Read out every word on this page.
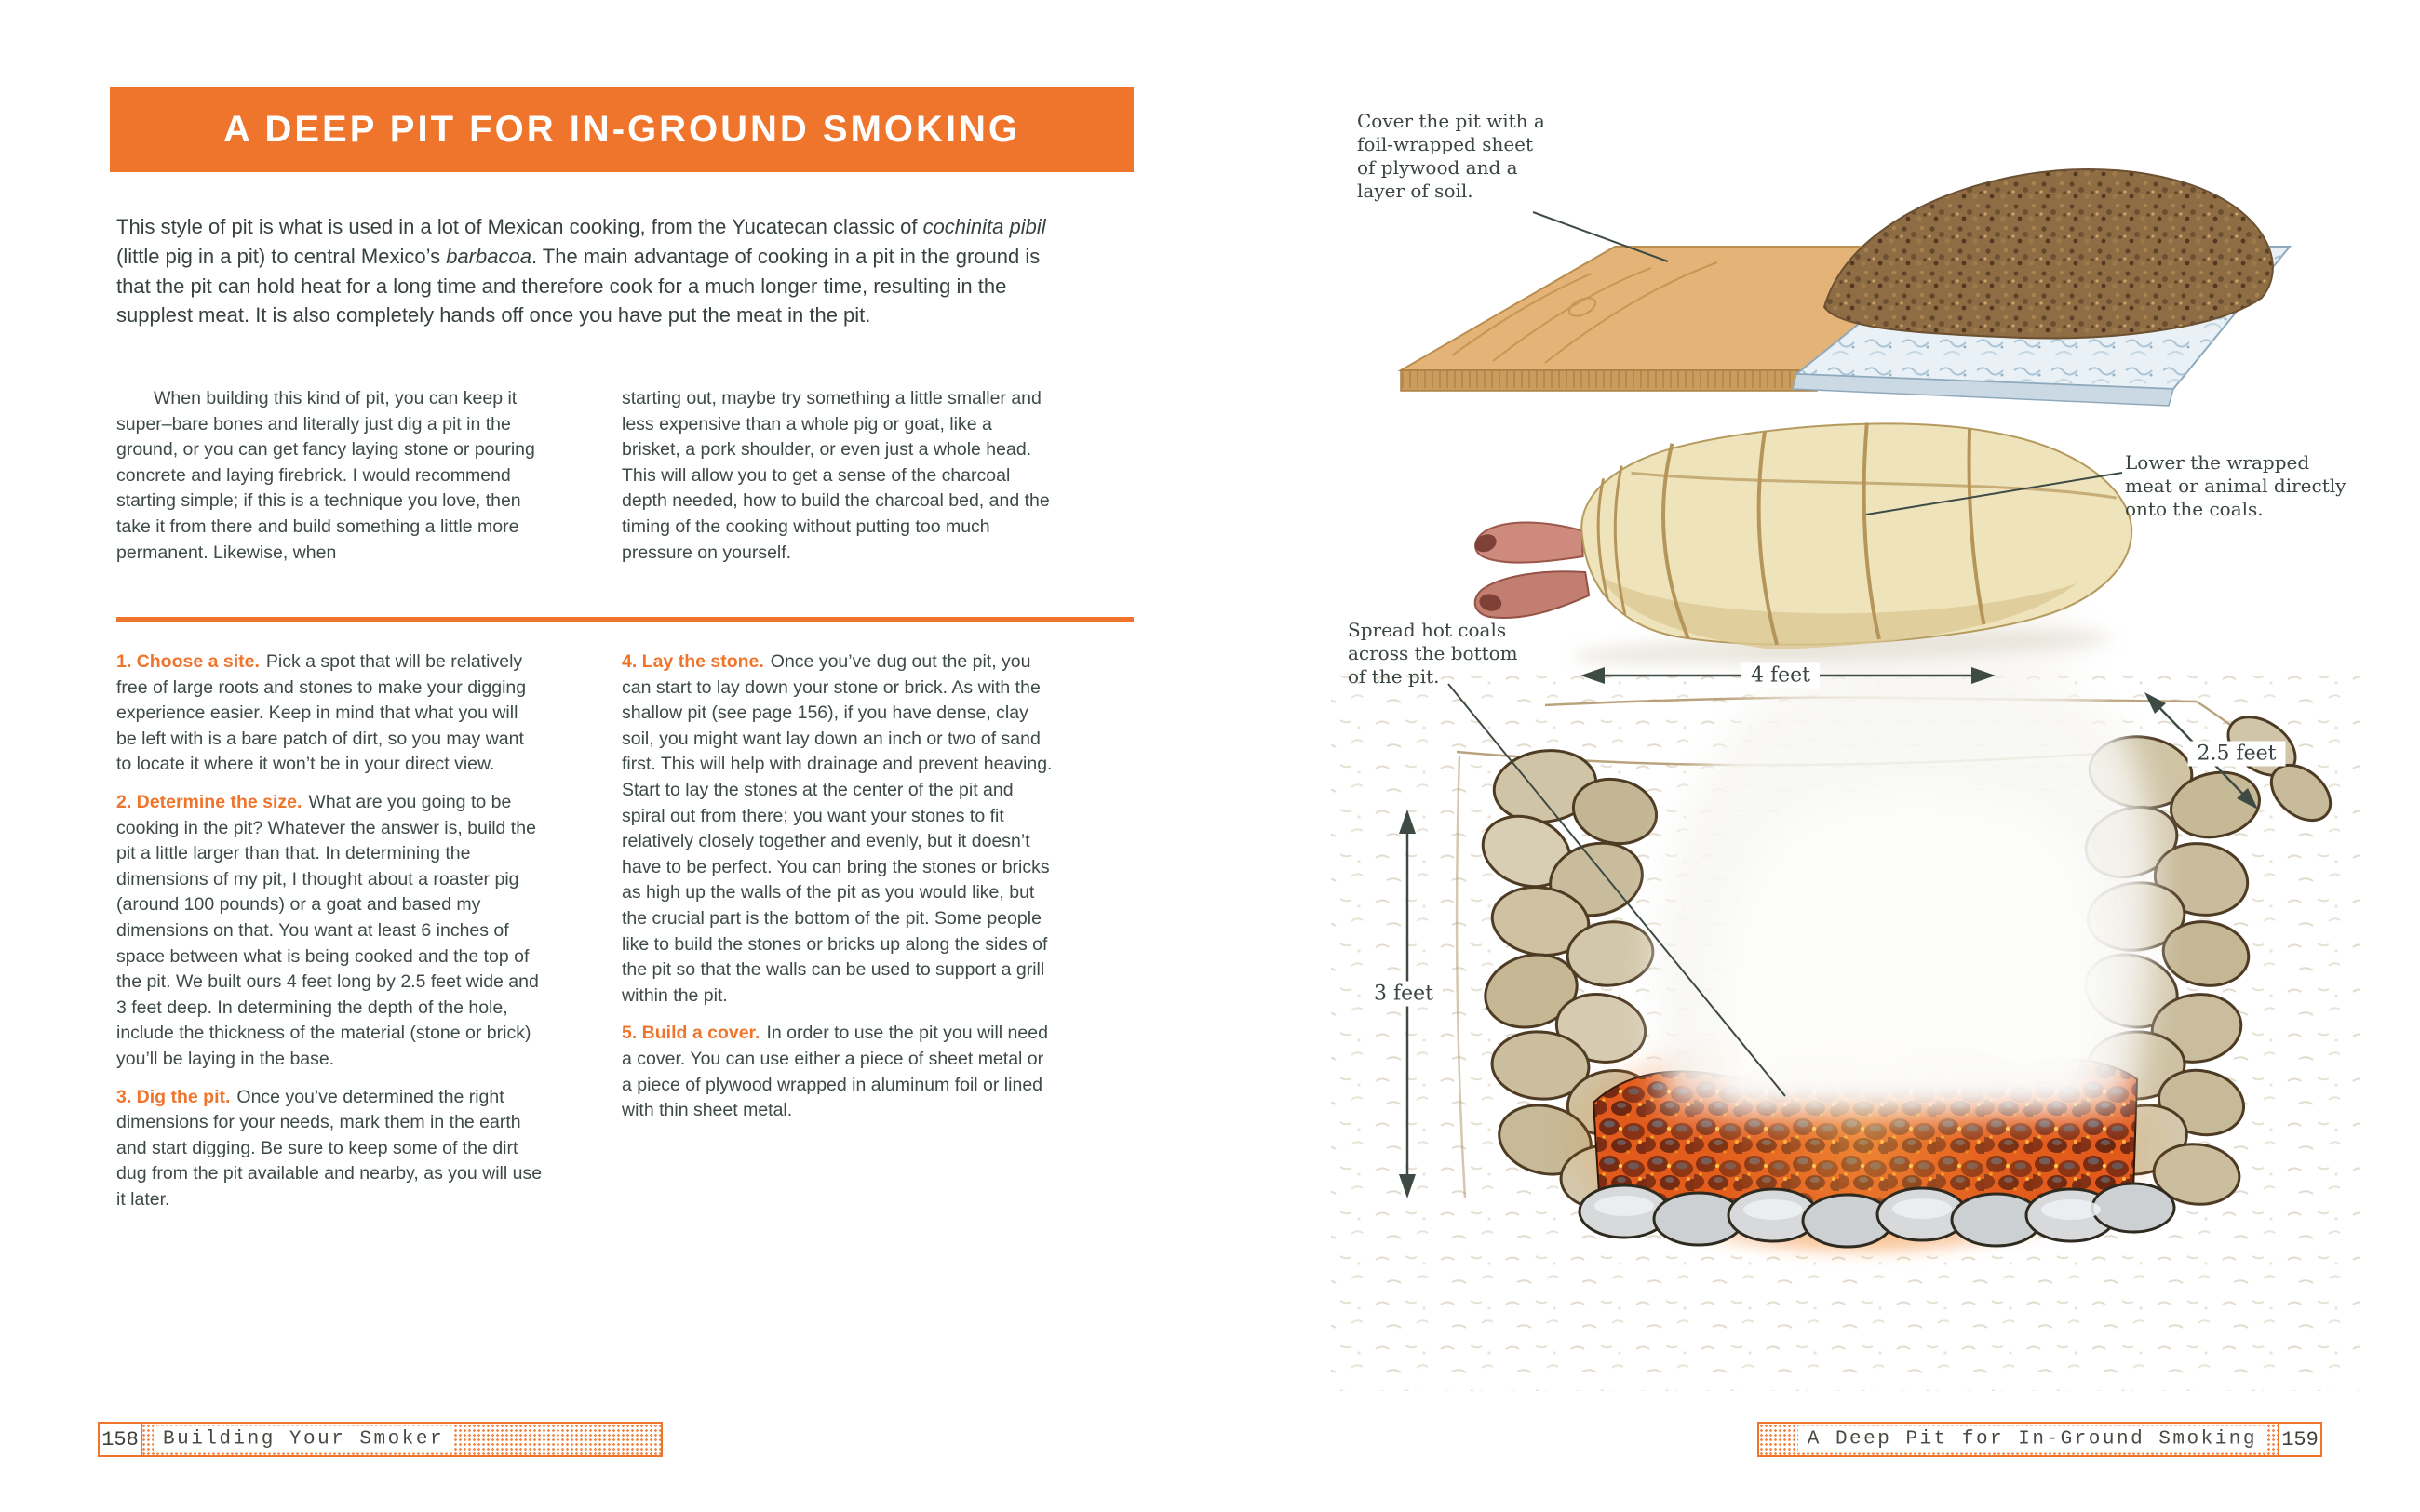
A DEEP PIT FOR IN-GROUND SMOKING

This style of pit is what is used in a lot of Mexican cooking, from the Yucatecan classic of cochinita pibil (little pig in a pit) to central Mexico’s barbacoa. The main advantage of cooking in a pit in the ground is that the pit can hold heat for a long time and therefore cook for a much longer time, resulting in the supplest meat. It is also completely hands off once you have put the meat in the pit.

When building this kind of pit, you can keep it super–bare bones and literally just dig a pit in the ground, or you can get fancy laying stone or pouring concrete and laying firebrick. I would recommend starting simple; if this is a technique you love, then take it from there and build something a little more permanent. Likewise, when

starting out, maybe try something a little smaller and less expensive than a whole pig or goat, like a brisket, a pork shoulder, or even just a whole head. This will allow you to get a sense of the charcoal depth needed, how to build the charcoal bed, and the timing of the cooking without putting too much pressure on yourself.

1. Choose a site. Pick a spot that will be relatively free of large roots and stones to make your digging experience easier. Keep in mind that what you will be left with is a bare patch of dirt, so you may want to locate it where it won’t be in your direct view.

2. Determine the size. What are you going to be cooking in the pit? Whatever the answer is, build the pit a little larger than that. In determining the dimensions of my pit, I thought about a roaster pig (around 100 pounds) or a goat and based my dimensions on that. You want at least 6 inches of space between what is being cooked and the top of the pit. We built ours 4 feet long by 2.5 feet wide and 3 feet deep. In determining the depth of the hole, include the thickness of the material (stone or brick) you’ll be laying in the base.

3. Dig the pit. Once you’ve determined the right dimensions for your needs, mark them in the earth and start digging. Be sure to keep some of the dirt dug from the pit available and nearby, as you will use it later.

4. Lay the stone. Once you’ve dug out the pit, you can start to lay down your stone or brick. As with the shallow pit (see page 156), if you have dense, clay soil, you might want lay down an inch or two of sand first. This will help with drainage and prevent heaving. Start to lay the stones at the center of the pit and spiral out from there; you want your stones to fit relatively closely together and evenly, but it doesn’t have to be perfect. You can bring the stones or bricks as high up the walls of the pit as you would like, but the crucial part is the bottom of the pit. Some people like to build the stones or bricks up along the sides of the pit so that the walls can be used to support a grill within the pit.

5. Build a cover. In order to use the pit you will need a cover. You can use either a piece of sheet metal or a piece of plywood wrapped in aluminum foil or lined with thin sheet metal.

158	Building Your Smoker
Cover the pit with a foil-wrapped sheet of plywood and a layer of soil.
Lower the wrapped meat or animal directly onto the coals.
Spread hot coals across the bottom of the pit.	4 feet
3 feet
2.5 feet
A Deep Pit for In-Ground Smoking	159
